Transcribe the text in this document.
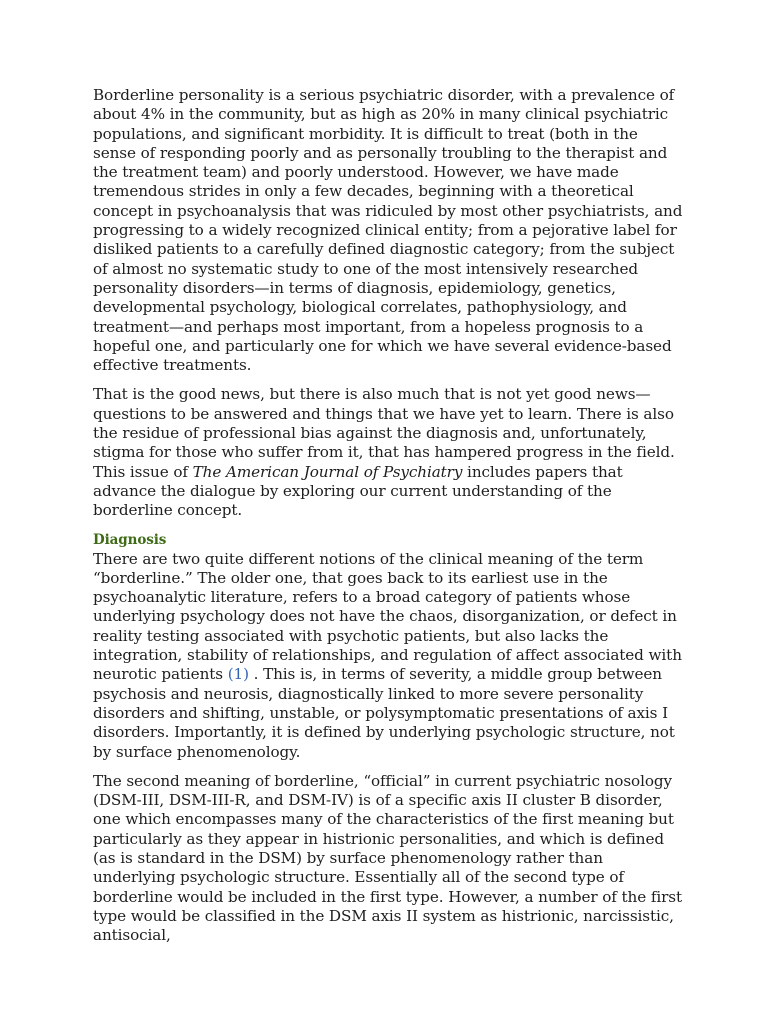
Borderline personality is a serious psychiatric disorder, with a prevalence of about 4% in the community, but as high as 20% in many clinical psychiatric populations, and significant morbidity. It is difficult to treat (both in the sense of responding poorly and as personally troubling to the therapist and the treatment team) and poorly understood. However, we have made tremendous strides in only a few decades, beginning with a theoretical concept in psychoanalysis that was ridiculed by most other psychiatrists, and progressing to a widely recognized clinical entity; from a pejorative label for disliked patients to a carefully defined diagnostic category; from the subject of almost no systematic study to one of the most intensively researched personality disorders—in terms of diagnosis, epidemiology, genetics, developmental psychology, biological correlates, pathophysiology, and treatment—and perhaps most important, from a hopeless prognosis to a hopeful one, and particularly one for which we have several evidence-based effective treatments.

That is the good news, but there is also much that is not yet good news—questions to be answered and things that we have yet to learn. There is also the residue of professional bias against the diagnosis and, unfortunately, stigma for those who suffer from it, that has hampered progress in the field. This issue of The American Journal of Psychiatry includes papers that advance the dialogue by exploring our current understanding of the borderline concept.

Diagnosis

There are two quite different notions of the clinical meaning of the term “borderline.” The older one, that goes back to its earliest use in the psychoanalytic literature, refers to a broad category of patients whose underlying psychology does not have the chaos, disorganization, or defect in reality testing associated with psychotic patients, but also lacks the integration, stability of relationships, and regulation of affect associated with neurotic patients (1) . This is, in terms of severity, a middle group between psychosis and neurosis, diagnostically linked to more severe personality disorders and shifting, unstable, or polysymptomatic presentations of axis I disorders. Importantly, it is defined by underlying psychologic structure, not by surface phenomenology.

The second meaning of borderline, “official” in current psychiatric nosology (DSM-III, DSM-III-R, and DSM-IV) is of a specific axis II cluster B disorder, one which encompasses many of the characteristics of the first meaning but particularly as they appear in histrionic personalities, and which is defined (as is standard in the DSM) by surface phenomenology rather than underlying psychologic structure. Essentially all of the second type of borderline would be included in the first type. However, a number of the first type would be classified in the DSM axis II system as histrionic, narcissistic, antisocial,
